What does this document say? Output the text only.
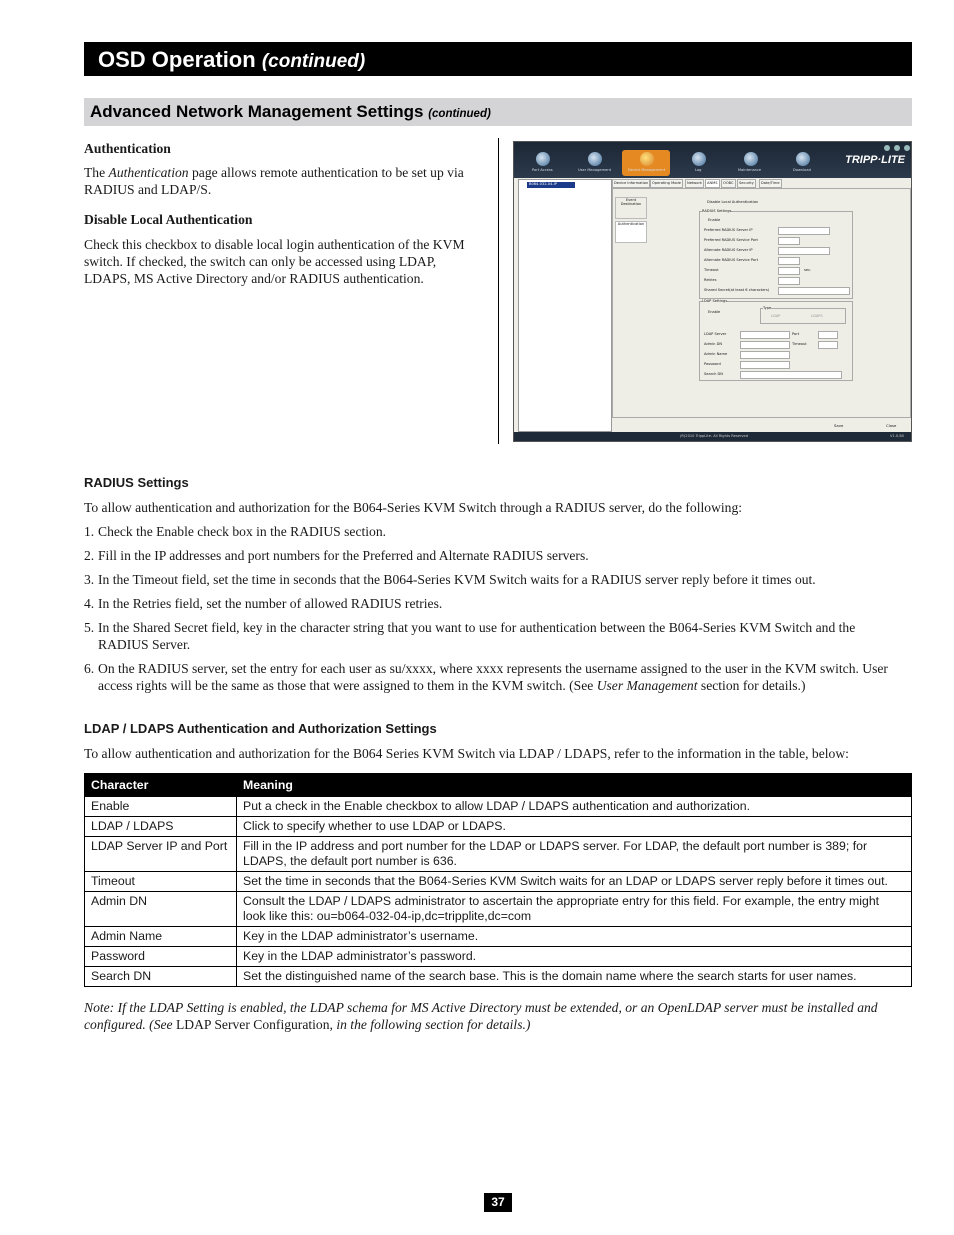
OSD Operation (continued)
Advanced Network Management Settings (continued)
Authentication
The Authentication page allows remote authentication to be set up via RADIUS and LDAP/S.
Disable Local Authentication
Check this checkbox to disable local login authentication of the KVM switch. If checked, the switch can only be accessed using LDAP, LDAPS, MS Active Directory and/or RADIUS authentication.
Port Access	User Management	Device Management	Log	Maintenance	Download
TRIPP·LITE
B064-032-04-IP	Device Information	Operating Mode	Network	ANMS	OOBC	Security	Date/Time
Event Destination
Authentication
Disable Local Authentication
RADIUS Settings
Enable
Preferred RADIUS Server IP
Preferred RADIUS Service Port
Alternate RADIUS Server IP
Alternate RADIUS Service Port
Timeout
Retries
Shared Secret(at least 6 characters)
sec.
LDAP Settings
Enable
Type
LDAP	LDAPS
LDAP Server
Admin DN
Admin Name
Password
Search DN
Port
Timeout
Save	Close
(R)2010 TrippLite. All Rights Reserved	V1.0.80
RADIUS Settings
To allow authentication and authorization for the B064-Series KVM Switch through a RADIUS server, do the following:
1. Check the Enable check box in the RADIUS section.
2. Fill in the IP addresses and port numbers for the Preferred and Alternate RADIUS servers.
3. In the Timeout field, set the time in seconds that the B064-Series KVM Switch waits for a RADIUS server reply before it times out.
4. In the Retries field, set the number of allowed RADIUS retries.
5. In the Shared Secret field, key in the character string that you want to use for authentication between the B064-Series KVM Switch and the RADIUS Server.
6. On the RADIUS server, set the entry for each user as su/xxxx, where xxxx represents the username assigned to the user in the KVM switch. User access rights will be the same as those that were assigned to them in the KVM switch. (See User Management section for details.)
LDAP / LDAPS Authentication and Authorization Settings
To allow authentication and authorization for the B064 Series KVM Switch via LDAP / LDAPS, refer to the information in the table, below:
Character	Meaning
Enable	Put a check in the Enable checkbox to allow LDAP / LDAPS authentication and authorization.
LDAP / LDAPS	Click to specify whether to use LDAP or LDAPS.
LDAP Server IP and Port	Fill in the IP address and port number for the LDAP or LDAPS server. For LDAP, the default port number is 389; for LDAPS, the default port number is 636.
Timeout	Set the time in seconds that the B064-Series KVM Switch waits for an LDAP or LDAPS server reply before it times out.
Admin DN	Consult the LDAP / LDAPS administrator to ascertain the appropriate entry for this field. For example, the entry might look like this: ou=b064-032-04-ip,dc=tripplite,dc=com
Admin Name	Key in the LDAP administrator’s username.
Password	Key in the LDAP administrator’s password.
Search DN	Set the distinguished name of the search base. This is the domain name where the search starts for user names.
Note: If the LDAP Setting is enabled, the LDAP schema for MS Active Directory must be extended, or an OpenLDAP server must be installed and configured. (See LDAP Server Configuration, in the following section for details.)
37
